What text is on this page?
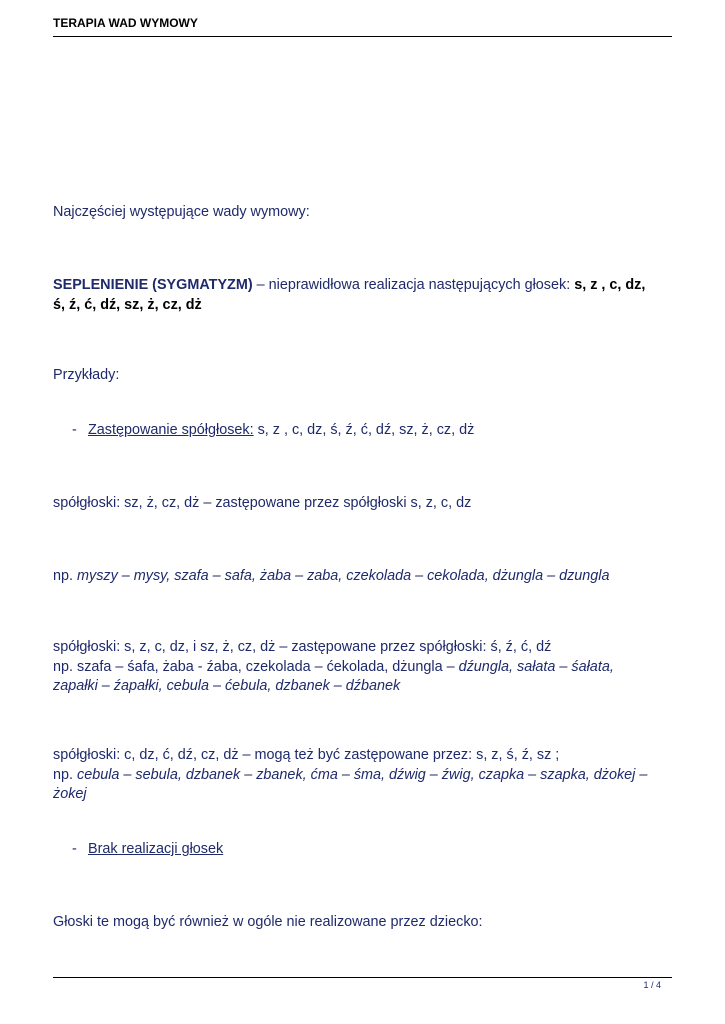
TERAPIA WAD WYMOWY
Najczęściej występujące wady wymowy:
SEPLENIENIE (SYGMATYZM) – nieprawidłowa realizacja następujących głosek: s, z , c, dz,
ś, ź, ć, dź, sz, ż, cz, dż
Przykłady:
- Zastępowanie spółgłosek: s, z , c, dz, ś, ź, ć, dź, sz, ż, cz, dż
spółgłoski: sz, ż, cz, dż – zastępowane przez spółgłoski s, z, c, dz
np. myszy – mysy, szafa – safa, żaba – zaba, czekolada – cekolada, dżungla – dzungla
spółgłoski: s, z, c, dz, i sz, ż, cz, dż – zastępowane przez spółgłoski: ś, ź, ć, dź
np. szafa – śafa, żaba - źaba, czekolada – ćekolada, dżungla – dźungla, sałata – śałata,
zapałki – źapałki, cebula – ćebula, dzbanek – dźbanek
spółgłoski: c, dz, ć, dź, cz, dż – mogą też być zastępowane przez: s, z, ś, ź, sz ;
np. cebula – sebula, dzbanek – zbanek, ćma – śma, dźwig – źwig, czapka – szapka, dżokej –
żokej
- Brak realizacji głosek
Głoski te mogą być również w ogóle nie realizowane przez dziecko:
1 / 4
